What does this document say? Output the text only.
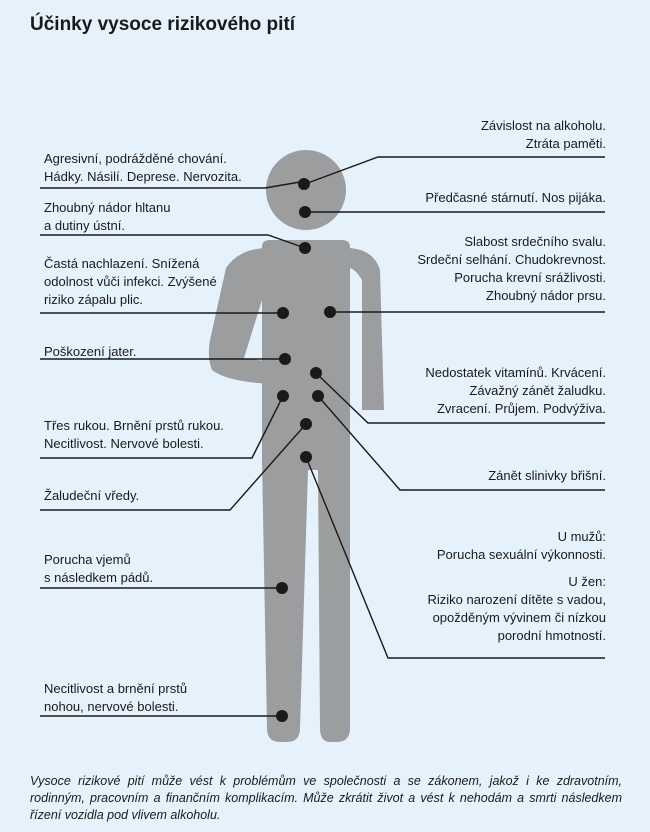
Účinky vysoce rizikového pití
Agresivní, podrážděné chování.
Hádky. Násilí. Deprese. Nervozita.
Zhoubný nádor hltanu
a dutiny ústní.
Častá nachlazení. Snížená
odolnost vůči infekci. Zvýšené
riziko zápalu plic.
Poškození jater.
Třes rukou. Brnění prstů rukou.
Necitlivost. Nervové bolesti.
Žaludeční vředy.
Porucha vjemů
s následkem pádů.
Necitlivost a brnění prstů
nohou, nervové bolesti.
Závislost na alkoholu.
Ztráta paměti.
Předčasné stárnutí. Nos pijáka.
Slabost srdečního svalu.
Srdeční selhání. Chudokrevnost.
Porucha krevní srážlivosti.
Zhoubný nádor prsu.
Nedostatek vitamínů. Krvácení.
Závažný zánět žaludku.
Zvracení. Průjem. Podvýživa.
Zánět slinivky břišní.
U mužů:
Porucha sexuální výkonnosti.
U žen:
Riziko narození dítěte s vadou,
opožděným vývinem či nízkou
porodní hmotností.

Vysoce rizikové pití může vést k problémům ve společnosti a se zákonem, jakož i ke zdravotním, rodinným, pracovním a finančním komplikacím. Může zkrátit život a vést k nehodám a smrti následkem řízení vozidla pod vlivem alkoholu.
